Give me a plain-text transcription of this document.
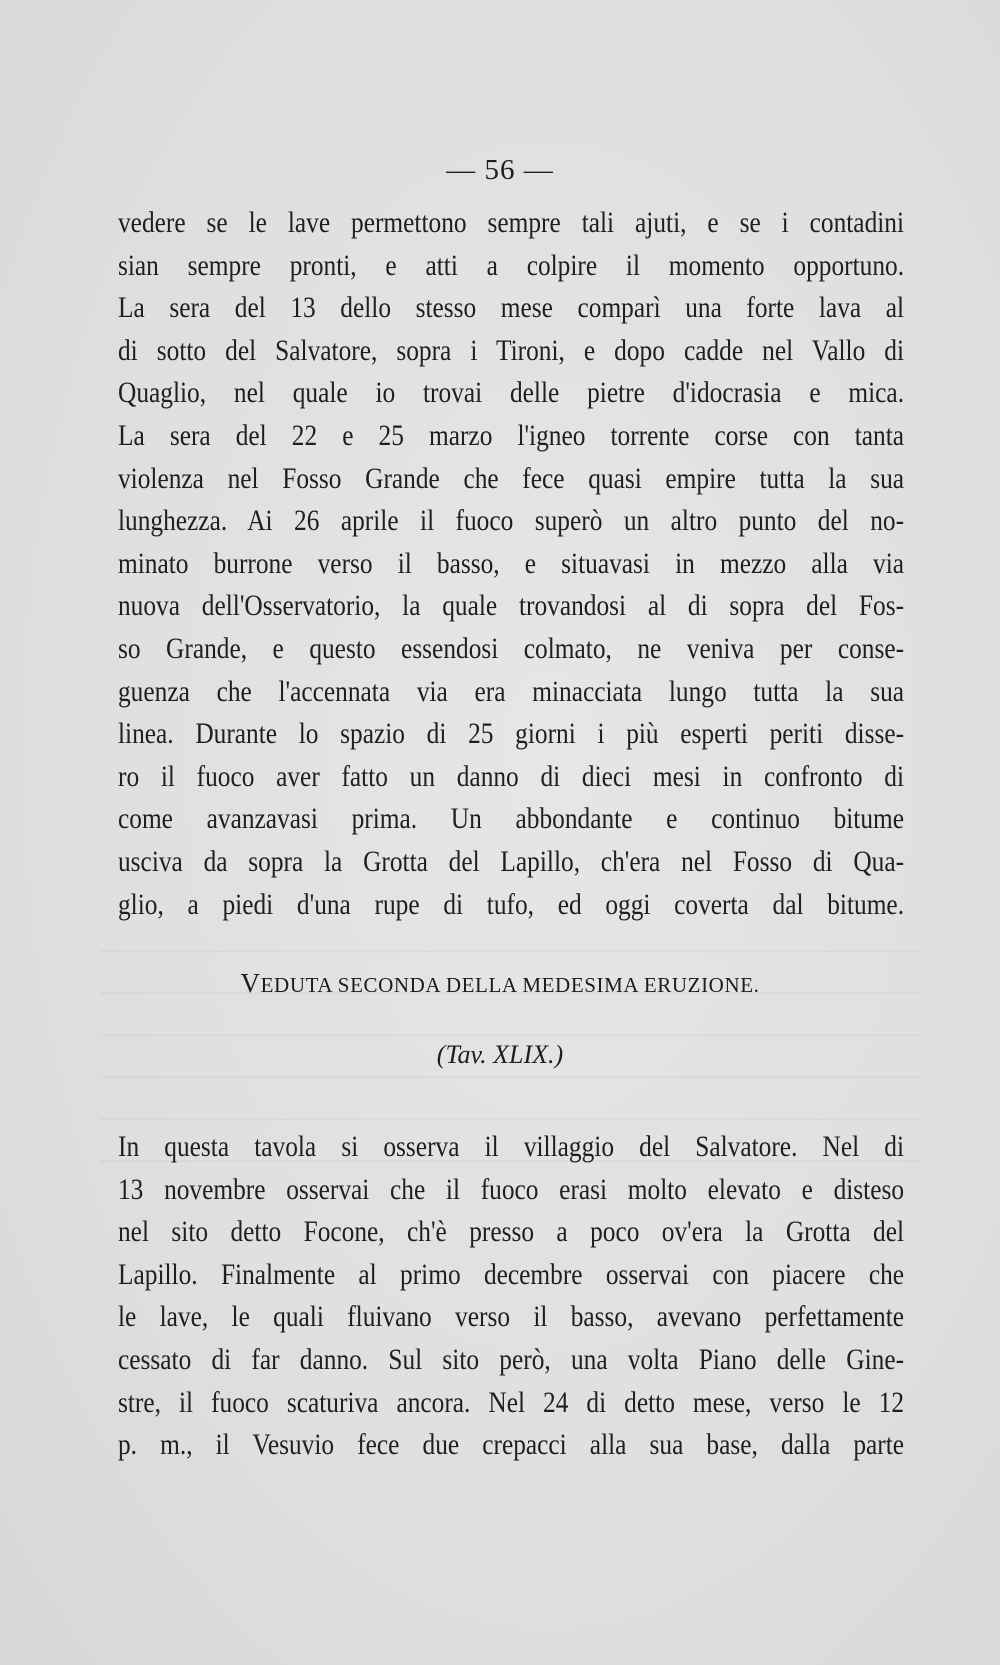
— 56 —
vedere se le lave permettono sempre tali ajuti, e se i contadini
sian sempre pronti, e atti a colpire il momento opportuno.
La sera del 13 dello stesso mese comparì una forte lava al
di sotto del Salvatore, sopra i Tironi, e dopo cadde nel Vallo di
Quaglio, nel quale io trovai delle pietre d'idocrasia e mica.
La sera del 22 e 25 marzo l'igneo torrente corse con tanta
violenza nel Fosso Grande che fece quasi empire tutta la sua
lunghezza. Ai 26 aprile il fuoco superò un altro punto del no-
minato burrone verso il basso, e situavasi in mezzo alla via
nuova dell'Osservatorio, la quale trovandosi al di sopra del Fos-
so Grande, e questo essendosi colmato, ne veniva per conse-
guenza che l'accennata via era minacciata lungo tutta la sua
linea. Durante lo spazio di 25 giorni i più esperti periti disse-
ro il fuoco aver fatto un danno di dieci mesi in confronto di
come avanzavasi prima. Un abbondante e continuo bitume
usciva da sopra la Grotta del Lapillo, ch'era nel Fosso di Qua-
glio, a piedi d'una rupe di tufo, ed oggi coverta dal bitume.
VEDUTA SECONDA DELLA MEDESIMA ERUZIONE.
(Tav. XLIX.)
In questa tavola si osserva il villaggio del Salvatore. Nel di
13 novembre osservai che il fuoco erasi molto elevato e disteso
nel sito detto Focone, ch'è presso a poco ov'era la Grotta del
Lapillo. Finalmente al primo decembre osservai con piacere che
le lave, le quali fluivano verso il basso, avevano perfettamente
cessato di far danno. Sul sito però, una volta Piano delle Gine-
stre, il fuoco scaturiva ancora. Nel 24 di detto mese, verso le 12
p. m., il Vesuvio fece due crepacci alla sua base, dalla parte
